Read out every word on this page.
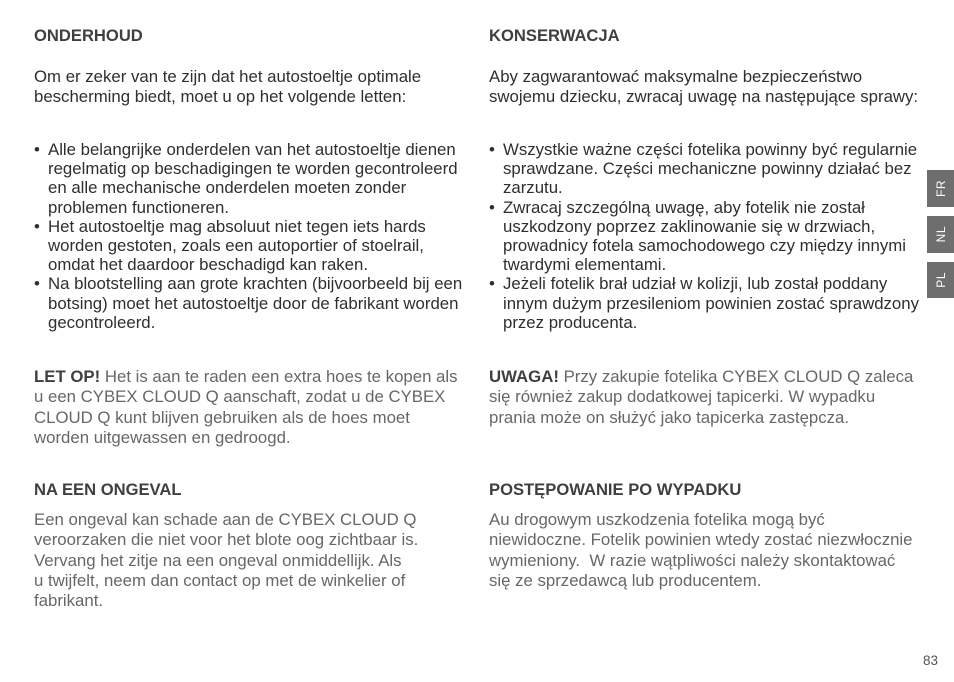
ONDERHOUD

Om er zeker van te zijn dat het autostoeltje optimale
bescherming biedt, moet u op het volgende letten:

•
Alle belangrijke onderdelen van het autostoeltje dienen
regelmatig op beschadigingen te worden gecontroleerd
en alle mechanische onderdelen moeten zonder
problemen functioneren.
•
Het autostoeltje mag absoluut niet tegen iets hards
worden gestoten, zoals een autoportier of stoelrail,
omdat het daardoor beschadigd kan raken.
•
Na blootstelling aan grote krachten (bijvoorbeeld bij een
botsing) moet het autostoeltje door de fabrikant worden
gecontroleerd.

LET OP! Het is aan te raden een extra hoes te kopen als
u een CYBEX CLOUD Q aanschaft, zodat u de CYBEX
CLOUD Q kunt blijven gebruiken als de hoes moet
worden uitgewassen en gedroogd.

NA EEN ONGEVAL

Een ongeval kan schade aan de CYBEX CLOUD Q
veroorzaken die niet voor het blote oog zichtbaar is.
Vervang het zitje na een ongeval onmiddellijk. Als
u twijfelt, neem dan contact op met de winkelier of
fabrikant.

KONSERWACJA

Aby zagwarantować maksymalne bezpieczeństwo
swojemu dziecku, zwracaj uwagę na następujące sprawy:

•
Wszystkie ważne części fotelika powinny być regularnie
sprawdzane. Części mechaniczne powinny działać bez
zarzutu.
•
Zwracaj szczególną uwagę, aby fotelik nie został
uszkodzony poprzez zaklinowanie się w drzwiach,
prowadnicy fotela samochodowego czy między innymi
twardymi elementami.
•
Jeżeli fotelik brał udział w kolizji, lub został poddany
innym dużym przesileniom powinien zostać sprawdzony
przez producenta.

UWAGA! Przy zakupie fotelika CYBEX CLOUD Q zaleca
się również zakup dodatkowej tapicerki. W wypadku
prania może on służyć jako tapicerka zastępcza.

POSTĘPOWANIE PO WYPADKU

Au drogowym uszkodzenia fotelika mogą być
niewidoczne. Fotelik powinien wtedy zostać niezwłocznie
wymieniony.  W razie wątpliwości należy skontaktować
się ze sprzedawcą lub producentem.

FR
NL
PL
83
